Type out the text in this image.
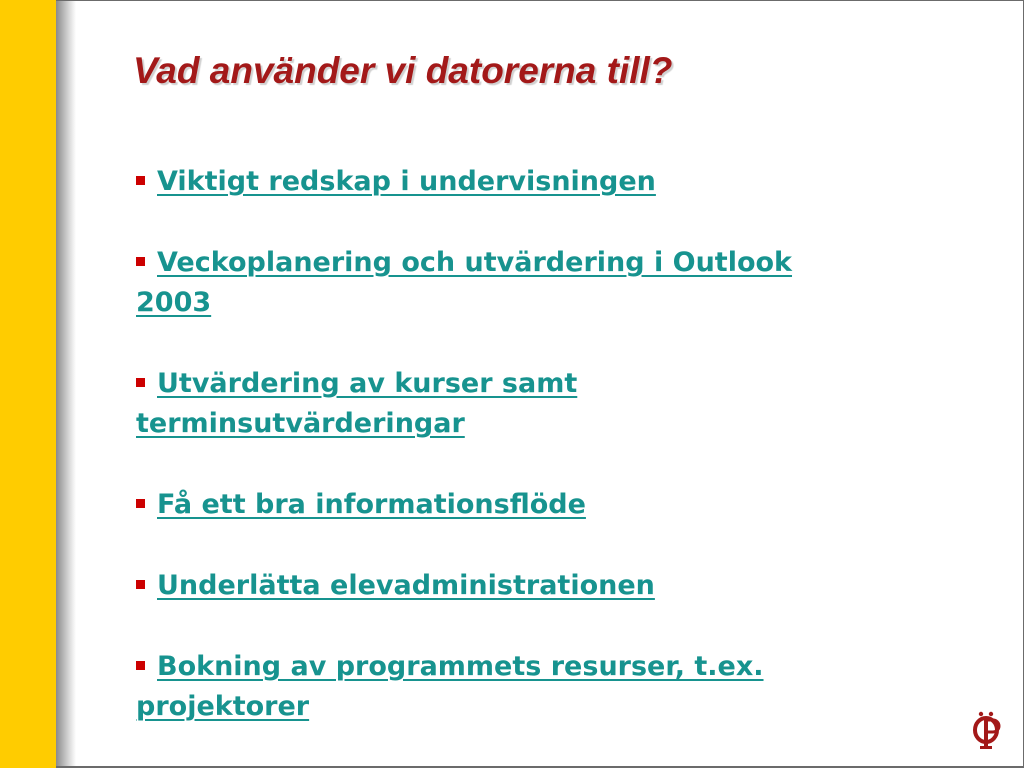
Vad använder vi datorerna till?
Viktigt redskap i undervisningen
Veckoplanering och utvärdering i Outlook 2003
Utvärdering av kurser samt terminsutvärderingar
Få ett bra informationsflöde
Underlätta elevadministrationen
Bokning av programmets resurser, t.ex. projektorer
